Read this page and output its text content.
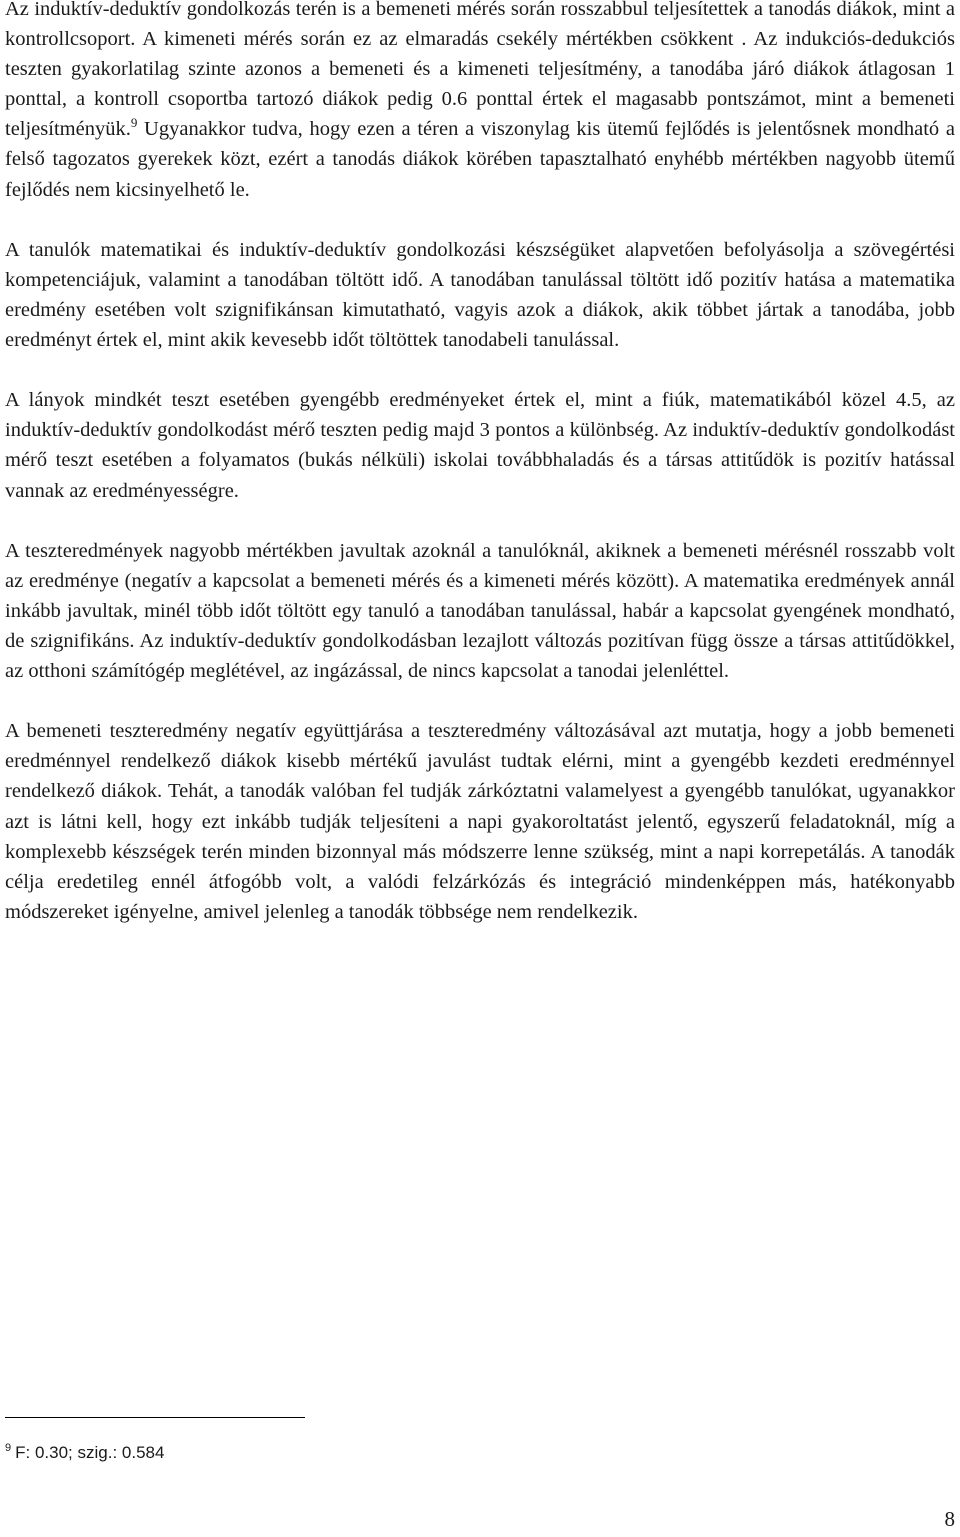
Az induktív-deduktív gondolkozás terén is a bemeneti mérés során rosszabbul teljesítettek a tanodás diákok, mint a kontrollcsoport. A kimeneti mérés során ez az elmaradás csekély mértékben csökkent . Az indukciós-dedukciós teszten gyakorlatilag szinte azonos a bemeneti és a kimeneti teljesítmény, a tanodába járó diákok átlagosan 1 ponttal, a kontroll csoportba tartozó diákok pedig 0.6 ponttal értek el magasabb pontszámot, mint a bemeneti teljesítményük.$^9$ Ugyanakkor tudva, hogy ezen a téren a viszonylag kis ütemű fejlődés is jelentősnek mondható a felső tagozatos gyerekek közt, ezért a tanodás diákok körében tapasztalható enyhébb mértékben nagyobb ütemű fejlődés nem kicsinyelhető le.

A tanulók matematikai és induktív-deduktív gondolkozási készségüket alapvetően befolyásolja a szövegértési kompetenciájuk, valamint a tanodában töltött idő. A tanodában tanulással töltött idő pozitív hatása a matematika eredmény esetében volt szignifikánsan kimutatható, vagyis azok a diákok, akik többet jártak a tanodába, jobb eredményt értek el, mint akik kevesebb időt töltöttek tanodabeli tanulással.

A lányok mindkét teszt esetében gyengébb eredményeket értek el, mint a fiúk, matematikából közel 4.5, az induktív-deduktív gondolkodást mérő teszten pedig majd 3 pontos a különbség. Az induktív-deduktív gondolkodást mérő teszt esetében a folyamatos (bukás nélküli) iskolai továbbhaladás és a társas attitűdök is pozitív hatással vannak az eredményességre.

A teszteredmények nagyobb mértékben javultak azoknál a tanulóknál, akiknek a bemeneti mérésnél rosszabb volt az eredménye (negatív a kapcsolat a bemeneti mérés és a kimeneti mérés között). A matematika eredmények annál inkább javultak, minél több időt töltött egy tanuló a tanodában tanulással, habár a kapcsolat gyengének mondható, de szignifikáns. Az induktív-deduktív gondolkodásban lezajlott változás pozitívan függ össze a társas attitűdökkel, az otthoni számítógép meglétével, az ingázással, de nincs kapcsolat a tanodai jelenléttel.

A bemeneti teszteredmény negatív együttjárása a teszteredmény változásával azt mutatja, hogy a jobb bemeneti eredménnyel rendelkező diákok kisebb mértékű javulást tudtak elérni, mint a gyengébb kezdeti eredménnyel rendelkező diákok. Tehát, a tanodák valóban fel tudják zárkóztatni valamelyest a gyengébb tanulókat, ugyanakkor azt is látni kell, hogy ezt inkább tudják teljesíteni a napi gyakoroltatást jelentő, egyszerű feladatoknál, míg a komplexebb készségek terén minden bizonnyal más módszerre lenne szükség, mint a napi korrepetálás. A tanodák célja eredetileg ennél átfogóbb volt, a valódi felzárkózás és integráció mindenképpen más, hatékonyabb módszereket igényelne, amivel jelenleg a tanodák többsége nem rendelkezik.

$^9$ F: 0.30; szig.: 0.584
8
